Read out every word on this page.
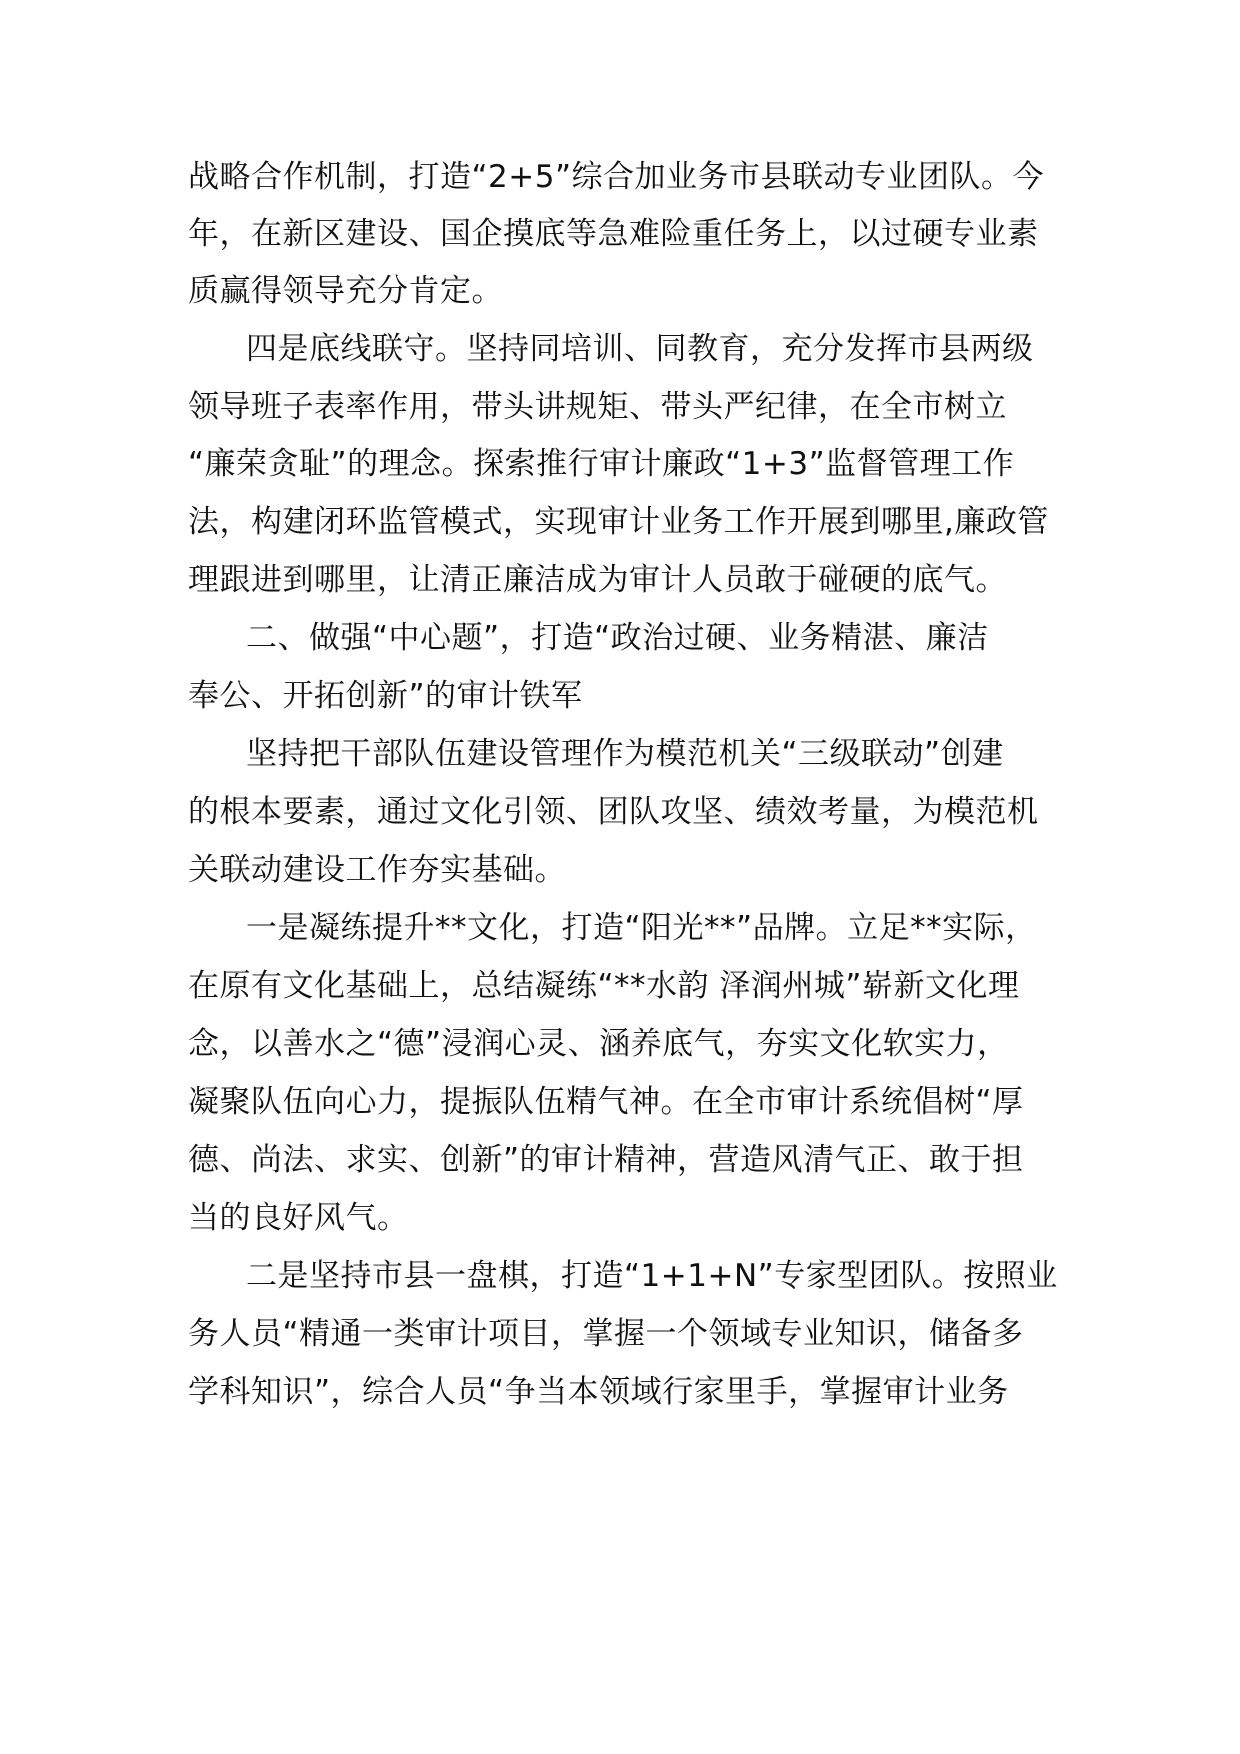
战略合作机制，打造“2+5”综合加业务市县联动专业团队。今
年，在新区建设、国企摸底等急难险重任务上，以过硬专业素
质赢得领导充分肯定。
四是底线联守。坚持同培训、同教育，充分发挥市县两级
领导班子表率作用，带头讲规矩、带头严纪律，在全市树立
“廉荣贪耻”的理念。探索推行审计廉政“1+3”监督管理工作
法，构建闭环监管模式，实现审计业务工作开展到哪里,廉政管
理跟进到哪里，让清正廉洁成为审计人员敢于碰硬的底气。
二、做强“中心题”，打造“政治过硬、业务精湛、廉洁
奉公、开拓创新”的审计铁军
坚持把干部队伍建设管理作为模范机关“三级联动”创建
的根本要素，通过文化引领、团队攻坚、绩效考量，为模范机
关联动建设工作夯实基础。
一是凝练提升**文化，打造“阳光**”品牌。立足**实际，
在原有文化基础上，总结凝练“**水韵 泽润州城”崭新文化理
念，以善水之“德”浸润心灵、涵养底气，夯实文化软实力，
凝聚队伍向心力，提振队伍精气神。在全市审计系统倡树“厚
德、尚法、求实、创新”的审计精神，营造风清气正、敢于担
当的良好风气。
二是坚持市县一盘棋，打造“1+1+N”专家型团队。按照业
务人员“精通一类审计项目，掌握一个领域专业知识，储备多
学科知识”，综合人员“争当本领域行家里手，掌握审计业务
